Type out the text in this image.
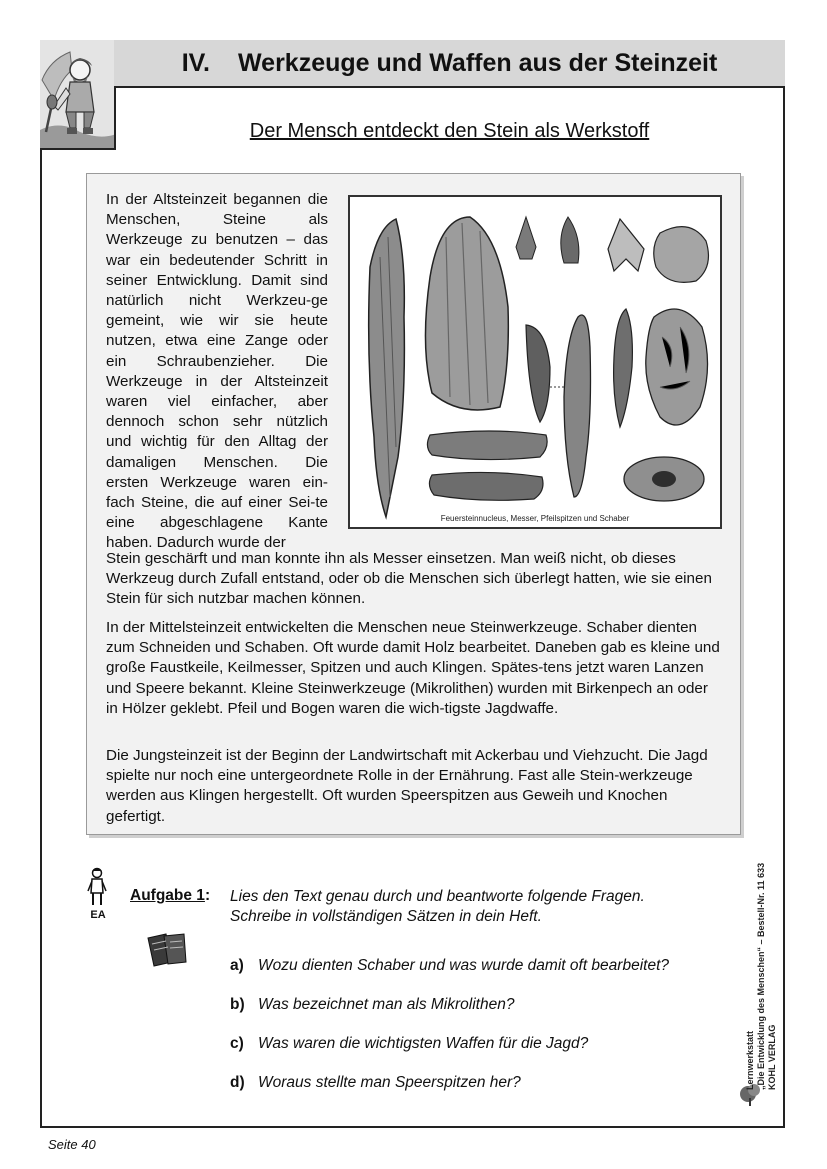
IV. Werkzeuge und Waffen aus der Steinzeit
Der Mensch entdeckt den Stein als Werkstoff
Feuersteinnucleus, Messer, Pfeilspitzen und Schaber
In der Altsteinzeit begannen die Menschen, Steine als Werkzeuge zu benutzen – das war ein bedeutender Schritt in seiner Entwicklung. Damit sind natürlich nicht Werkzeu-ge gemeint, wie wir sie heute nutzen, etwa eine Zange oder ein Schraubenzieher. Die Werkzeuge in der Altsteinzeit waren viel einfacher, aber dennoch schon sehr nützlich und wichtig für den Alltag der damaligen Menschen. Die ersten Werkzeuge waren ein-fach Steine, die auf einer Sei-te eine abgeschlagene Kante haben. Dadurch wurde der
Stein geschärft und man konnte ihn als Messer einsetzen. Man weiß nicht, ob dieses Werkzeug durch Zufall entstand, oder ob die Menschen sich überlegt hatten, wie sie einen Stein für sich nutzbar machen können.
In der Mittelsteinzeit entwickelten die Menschen neue Steinwerkzeuge. Schaber dienten zum Schneiden und Schaben. Oft wurde damit Holz bearbeitet. Daneben gab es kleine und große Faustkeile, Keilmesser, Spitzen und auch Klingen. Spätes-tens jetzt waren Lanzen und Speere bekannt. Kleine Steinwerkzeuge (Mikrolithen) wurden mit Birkenpech an oder in Hölzer geklebt. Pfeil und Bogen waren die wich-tigste Jagdwaffe.
Die Jungsteinzeit ist der Beginn der Landwirtschaft mit Ackerbau und Viehzucht. Die Jagd spielte nur noch eine untergeordnete Rolle in der Ernährung. Fast alle Stein-werkzeuge werden aus Klingen hergestellt. Oft wurden Speerspitzen aus Geweih und Knochen gefertigt.
EA
Aufgabe 1: Lies den Text genau durch und beantworte folgende Fragen. Schreibe in vollständigen Sätzen in dein Heft.
a) Wozu dienten Schaber und was wurde damit oft bearbeitet?
b) Was bezeichnet man als Mikrolithen?
c) Was waren die wichtigsten Waffen für die Jagd?
d) Woraus stellte man Speerspitzen her?	Lernwerkstatt „Die Entwicklung des Menschen“ – Bestell-Nr. 11 633 KOHL VERLAG
Seite 40
